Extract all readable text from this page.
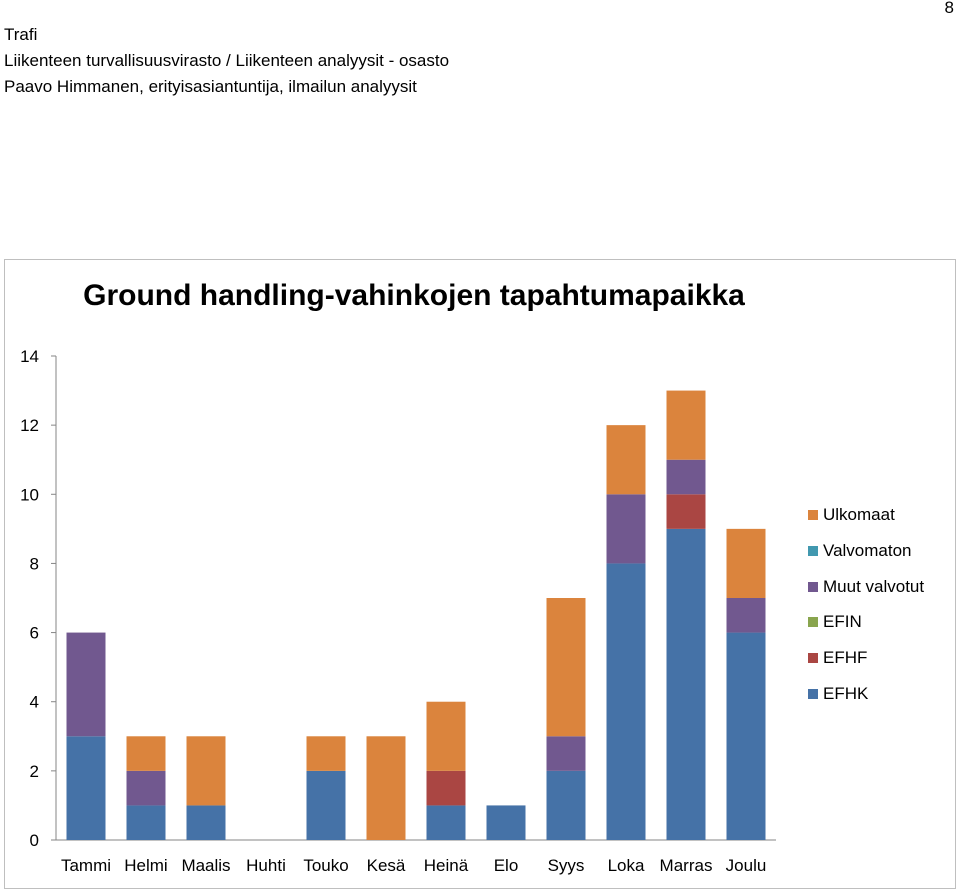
Trafi
Liikenteen turvallisuusvirasto / Liikenteen analyysit - osasto
Paavo Himmanen, erityisasiantuntija, ilmailun analyysit
8
Ground handling-vahinkojen tapahtumapaikka
0
2
4
6
8
10
12
14
Tammi Helmi Maalis Huhti Touko Kesä Heinä Elo Syys Loka Marras Joulu
Ulkomaat
Valvomaton
Muut valvotut
EFIN
EFHF
EFHK
